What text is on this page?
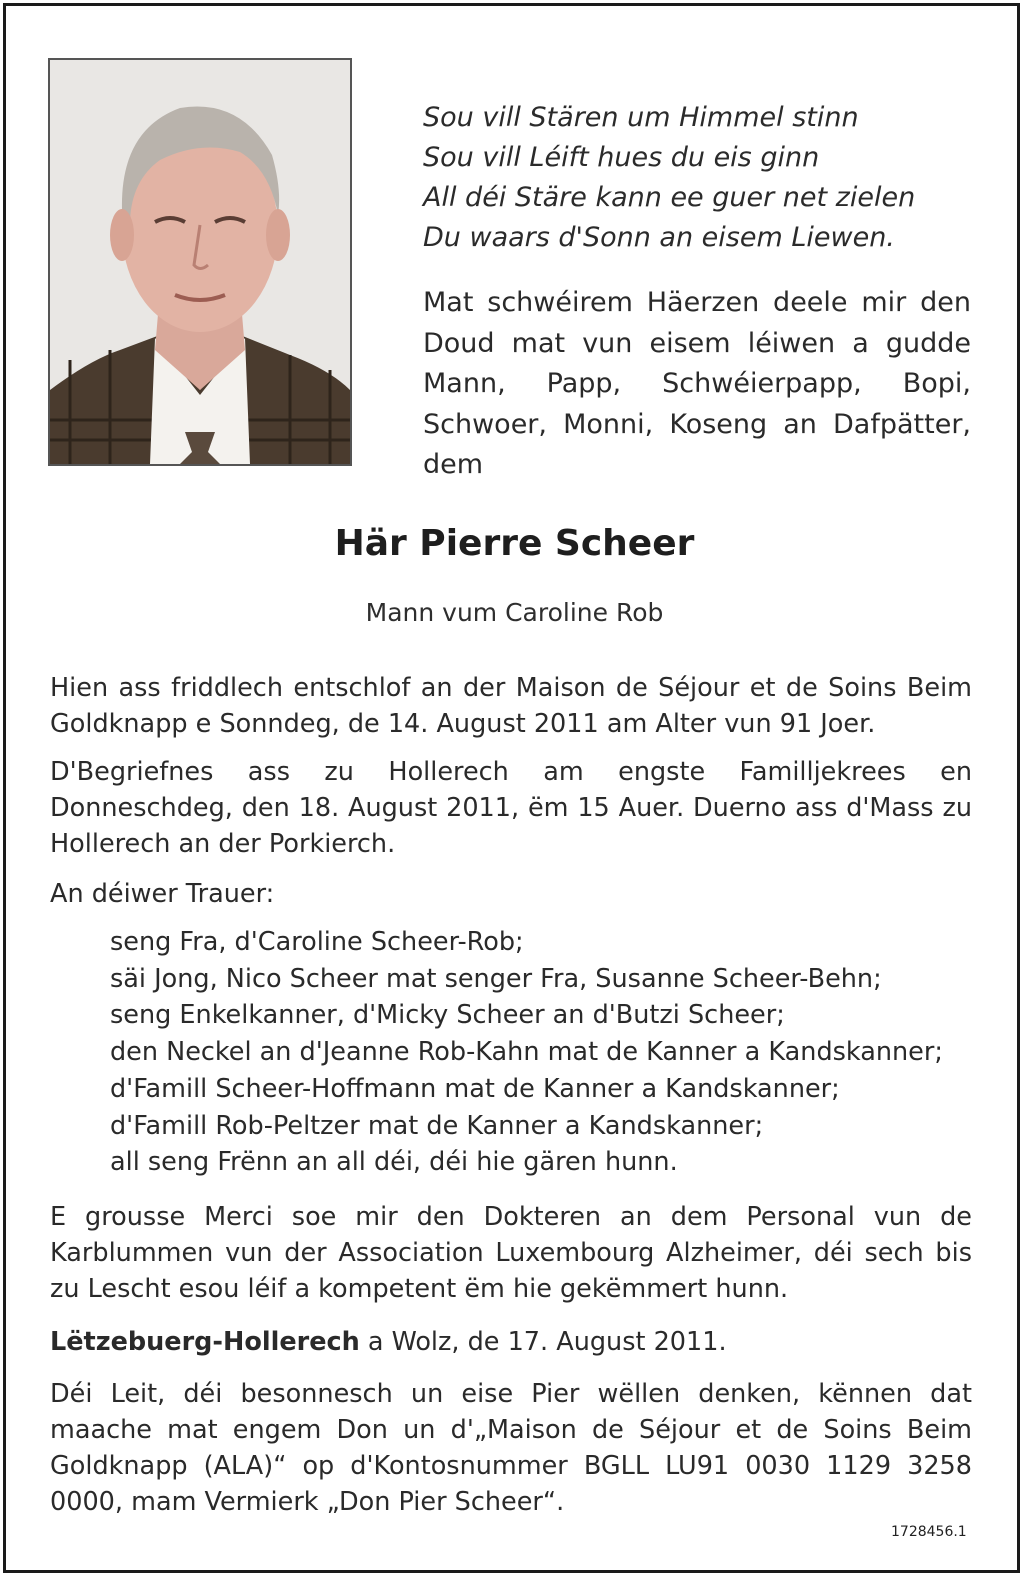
Sou vill Stären um Himmel stinn
Sou vill Léift hues du eis ginn
All déi Stäre kann ee guer net zielen
Du waars d'Sonn an eisem Liewen.
Mat schwéirem Häerzen deele mir den Doud mat vun eisem léiwen a gudde Mann, Papp, Schwéierpapp, Bopi, Schwoer, Monni, Koseng an Dafpätter, dem
Här Pierre Scheer
Mann vum Caroline Rob
Hien ass friddlech entschlof an der Maison de Séjour et de Soins Beim Goldknapp e Sonndeg, de 14. August 2011 am Alter vun 91 Joer.
D'Begriefnes ass zu Hollerech am engste Familljekrees en Donneschdeg, den 18. August 2011, ëm 15 Auer. Duerno ass d'Mass zu Hollerech an der Porkierch.
An déiwer Trauer:
seng Fra, d'Caroline Scheer-Rob;
säi Jong, Nico Scheer mat senger Fra, Susanne Scheer-Behn;
seng Enkelkanner, d'Micky Scheer an d'Butzi Scheer;
den Neckel an d'Jeanne Rob-Kahn mat de Kanner a Kandskanner;
d'Famill Scheer-Hoffmann mat de Kanner a Kandskanner;
d'Famill Rob-Peltzer mat de Kanner a Kandskanner;
all seng Frënn an all déi, déi hie gären hunn.
E grousse Merci soe mir den Dokteren an dem Personal vun de Karblummen vun der Association Luxembourg Alzheimer, déi sech bis zu Lescht esou léif a kompetent ëm hie gekëmmert hunn.
Lëtzebuerg-Hollerech a Wolz, de 17. August 2011.
Déi Leit, déi besonnesch un eise Pier wëllen denken, kënnen dat maache mat engem Don un d'„Maison de Séjour et de Soins Beim Goldknapp (ALA)“ op d'Kontosnummer BGLL LU91 0030 1129 3258 0000, mam Vermierk „Don Pier Scheer“.
1728456.1
